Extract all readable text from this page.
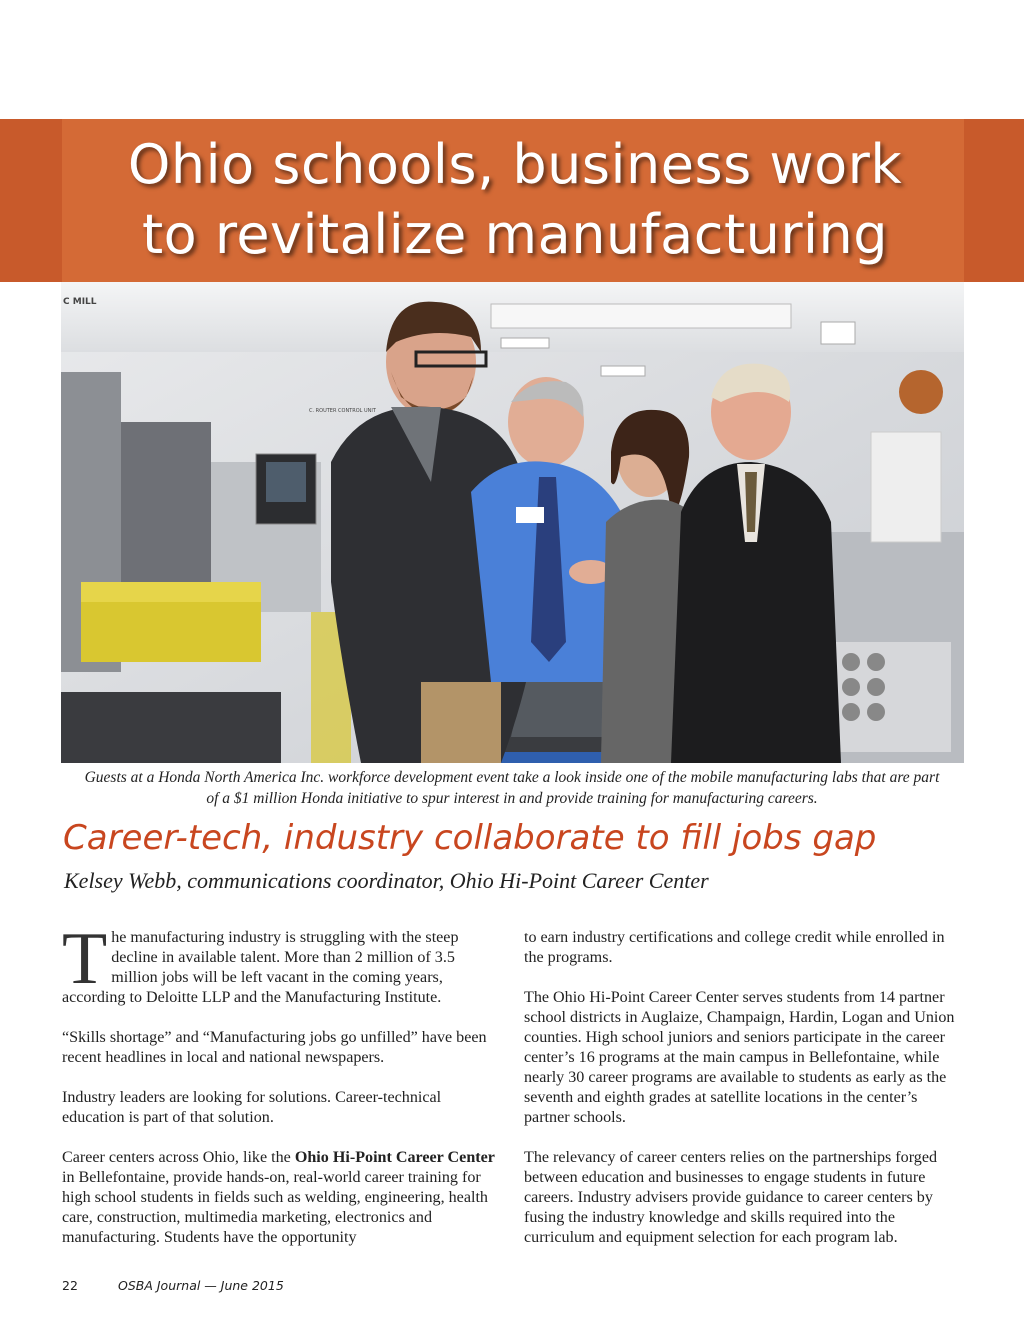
Ohio schools, business work
to revitalize manufacturing
C MILL
C. ROUTER CONTROL UNIT
Guests at a Honda North America Inc. workforce development event take a look inside one of the mobile manufacturing labs that are part
of a $1 million Honda initiative to spur interest in and provide training for manufacturing careers.
Career-tech, industry collaborate to fill jobs gap
Kelsey Webb, communications coordinator, Ohio Hi-Point Career Center

The manufacturing industry is struggling with the steep decline in available talent. More than 2 million of 3.5 million jobs will be left vacant in the coming years, according to Deloitte LLP and the Manufacturing Institute.

“Skills shortage” and “Manufacturing jobs go unfilled” have been recent headlines in local and national newspapers.

Industry leaders are looking for solutions. Career-technical education is part of that solution.

Career centers across Ohio, like the Ohio Hi-Point Career Center in Bellefontaine, provide hands-on, real-world career training for high school students in fields such as welding, engineering, health care, construction, multimedia marketing, electronics and manufacturing. Students have the opportunity

to earn industry certifications and college credit while enrolled in the programs.

The Ohio Hi-Point Career Center serves students from 14 partner school districts in Auglaize, Champaign, Hardin, Logan and Union counties. High school juniors and seniors participate in the career center’s 16 programs at the main campus in Bellefontaine, while nearly 30 career programs are available to students as early as the seventh and eighth grades at satellite locations in the center’s partner schools.

The relevancy of career centers relies on the partnerships forged between education and businesses to engage students in future careers. Industry advisers provide guidance to career centers by fusing the industry knowledge and skills required into the curriculum and equipment selection for each program lab.

22	OSBA Journal — June 2015
